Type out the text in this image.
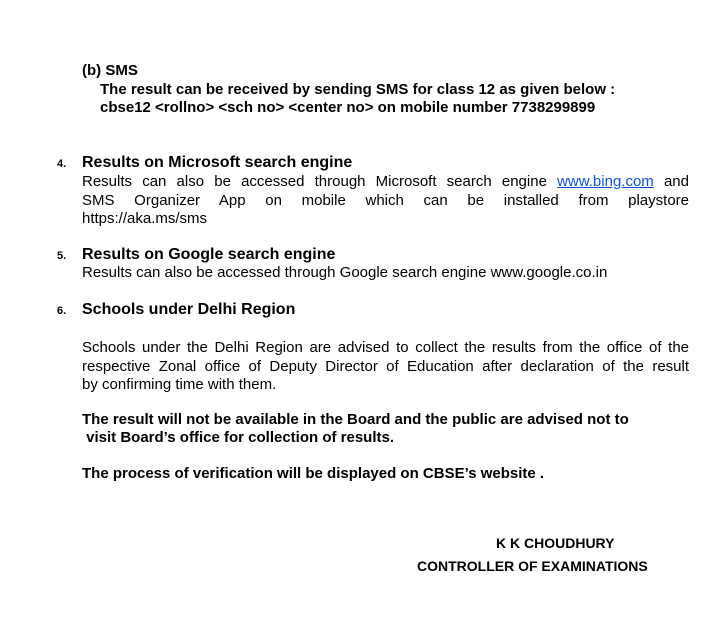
(b) SMS
The result can be received by sending SMS for class 12 as given below :
cbse12 <rollno> <sch no> <center no> on mobile number 7738299899
4. Results on Microsoft search engine
Results can also be accessed through Microsoft search engine www.bing.com and
SMS Organizer App on mobile which can be installed from playstore
https://aka.ms/sms
5. Results on Google search engine
Results can also be accessed through Google search engine www.google.co.in
6. Schools under Delhi Region
Schools under the Delhi Region are advised to collect the results from the office of the
respective Zonal office of Deputy Director of Education after declaration of the result
by confirming time with them.
The result will not be available in the Board and the public are advised not to
visit Board’s office for collection of results.
The process of verification will be displayed on CBSE’s website .
K K CHOUDHURY
CONTROLLER OF EXAMINATIONS
